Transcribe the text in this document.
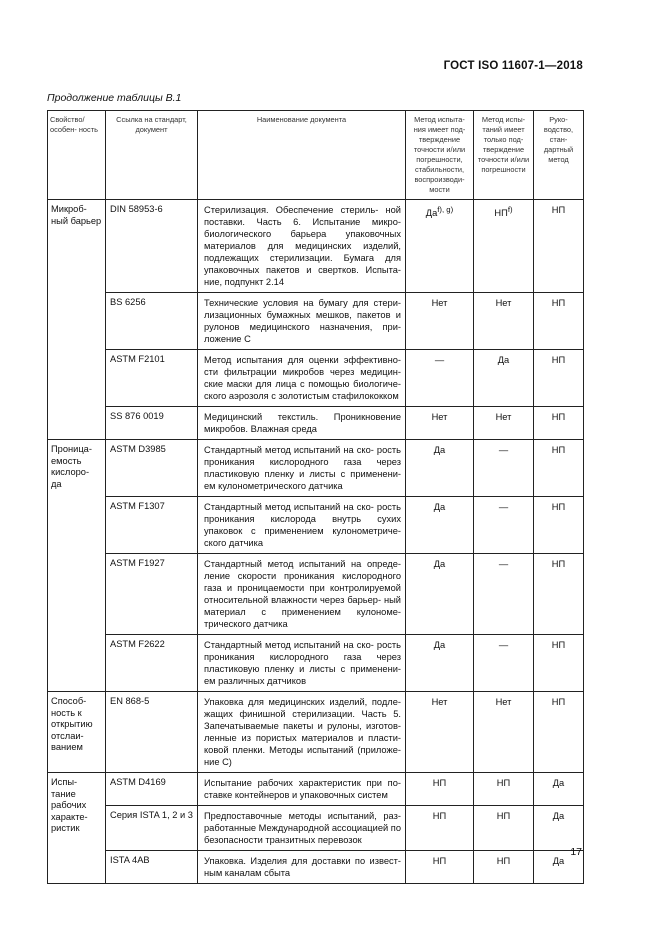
ГОСТ ISO 11607-1—2018
Продолжение таблицы В.1
Свойство/ особен- ность	Ссылка на стандарт, документ	Наименование документа	Метод испыта- ния имеет под- тверждение точности и/или погрешности, стабильности, воспроизводи- мости	Метод испы- таний имеет только под- тверждение точности и/или погрешности	Руко- водство, стан- дартный метод
Микроб- ный барьер	DIN 58953-6	Стерилизация. Обеспечение стериль- ной поставки. Часть 6. Испытание микро- биологического барьера упаковочных материалов для медицинских изделий, подлежащих стерилизации. Бумага для упаковочных пакетов и свертков. Испыта- ние, подпункт 2.14	$Да^{f), g)}$	НП$^{f)}$	НП
	BS 6256	Технические условия на бумагу для стери- лизационных бумажных мешков, пакетов и рулонов медицинского назначения, при- ложение С	Нет	Нет	НП
	ASTM F2101	Метод испытания для оценки эффективно- сти фильтрации микробов через медицин- ские маски для лица с помощью биологиче- ского аэрозоля с золотистым стафилококком	—	Да	НП
	SS 876 0019	Медицинский текстиль. Проникновение микробов. Влажная среда	Нет	Нет	НП
Проница- емость кислоро- да	ASTM D3985	Стандартный метод испытаний на ско- рость проникания кислородного газа через пластиковую пленку и листы с применени- ем кулонометрического датчика	Да	—	НП
	ASTM F1307	Стандартный метод испытаний на ско- рость проникания кислорода внутрь сухих упаковок с применением кулонометриче- ского датчика	Да	—	НП
	ASTM F1927	Стандартный метод испытаний на опреде- ление скорости проникания кислородного газа и проницаемости при контролируемой относительной влажности через барьер- ный материал с применением кулономе- трического датчика	Да	—	НП
	ASTM F2622	Стандартный метод испытаний на ско- рость проникания кислородного газа через пластиковую пленку и листы с применени- ем различных датчиков	Да	—	НП
Способ- ность к открытию отслаи- ванием	EN 868-5	Упаковка для медицинских изделий, подле- жащих финишной стерилизации. Часть 5. Запечатываемые пакеты и рулоны, изготов- ленные из пористых материалов и пласти- ковой пленки. Методы испытаний (приложе- ние С)	Нет	Нет	НП
Испы- тание рабочих характе- ристик	ASTM D4169	Испытание рабочих характеристик при по- ставке контейнеров и упаковочных систем	НП	НП	Да
	Серия ISTA 1, 2 и 3	Предпоставочные методы испытаний, раз- работанные Международной ассоциацией по безопасности транзитных перевозок	НП	НП	Да
	ISTA 4AB	Упаковка. Изделия для доставки по извест- ным каналам сбыта	НП	НП	Да
17
